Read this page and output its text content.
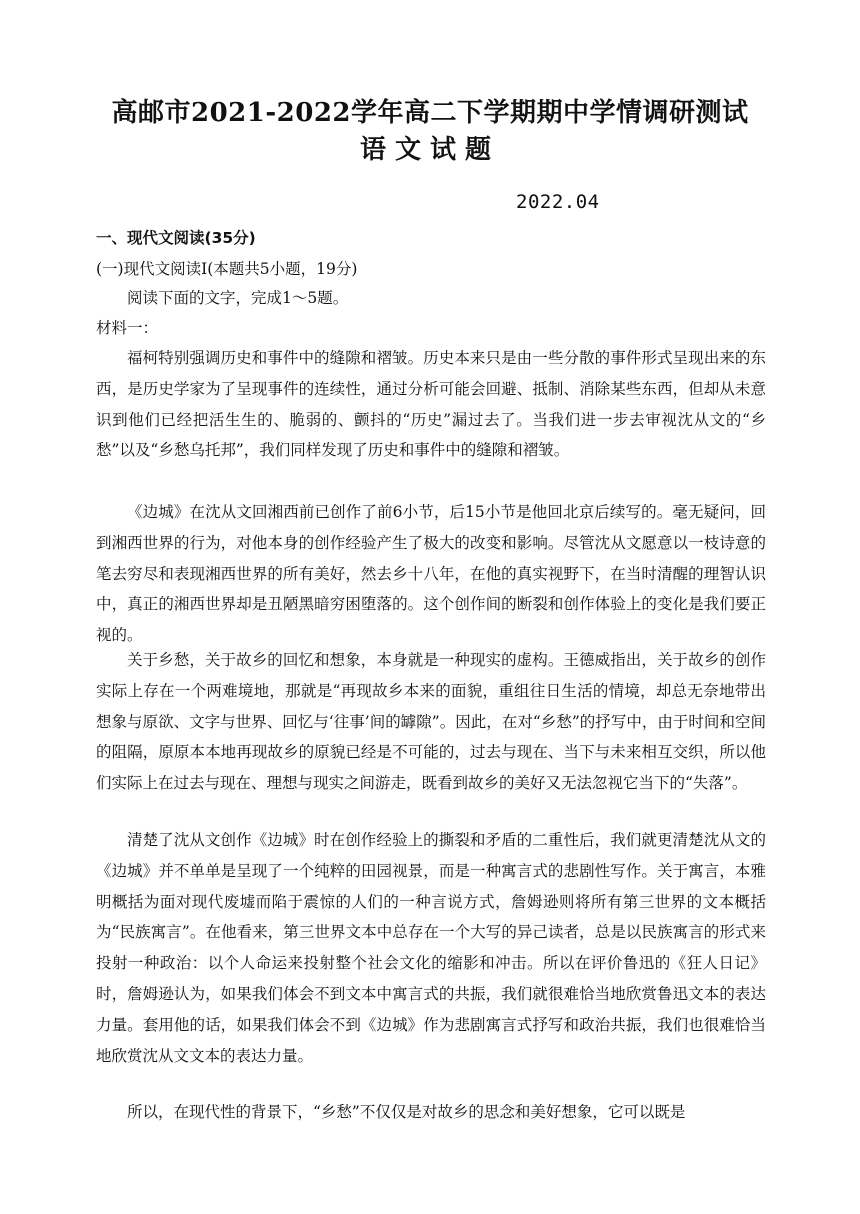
高邮市2021-2022学年高二下学期期中学情调研测试
语文试题
2022.04
一、现代文阅读(35分)
(一)现代文阅读Ⅰ(本题共5小题，19分)
阅读下面的文字，完成1～5题。
材料一：
福柯特别强调历史和事件中的缝隙和褶皱。历史本来只是由一些分散的事件形式呈现出来的东西，是历史学家为了呈现事件的连续性，通过分析可能会回避、抵制、消除某些东西，但却从未意识到他们已经把活生生的、脆弱的、颤抖的“历史”漏过去了。当我们进一步去审视沈从文的“乡愁”以及“乡愁乌托邦”，我们同样发现了历史和事件中的缝隙和褶皱。
《边城》在沈从文回湘西前已创作了前6小节，后15小节是他回北京后续写的。毫无疑问，回到湘西世界的行为，对他本身的创作经验产生了极大的改变和影响。尽管沈从文愿意以一枝诗意的笔去穷尽和表现湘西世界的所有美好，然去乡十八年，在他的真实视野下，在当时清醒的理智认识中，真正的湘西世界却是丑陋黑暗穷困堕落的。这个创作间的断裂和创作体验上的变化是我们要正视的。
关于乡愁，关于故乡的回忆和想象，本身就是一种现实的虚构。王德威指出，关于故乡的创作实际上存在一个两难境地，那就是“再现故乡本来的面貌，重组往日生活的情境，却总无奈地带出想象与原欲、文字与世界、回忆与‘往事’间的罅隙”。因此，在对“乡愁”的抒写中，由于时间和空间的阻隔，原原本本地再现故乡的原貌已经是不可能的，过去与现在、当下与未来相互交织，所以他们实际上在过去与现在、理想与现实之间游走，既看到故乡的美好又无法忽视它当下的“失落”。
清楚了沈从文创作《边城》时在创作经验上的撕裂和矛盾的二重性后，我们就更清楚沈从文的《边城》并不单单是呈现了一个纯粹的田园视景，而是一种寓言式的悲剧性写作。关于寓言，本雅明概括为面对现代废墟而陷于震惊的人们的一种言说方式，詹姆逊则将所有第三世界的文本概括为“民族寓言”。在他看来，第三世界文本中总存在一个大写的异己读者，总是以民族寓言的形式来投射一种政治：以个人命运来投射整个社会文化的缩影和冲击。所以在评价鲁迅的《狂人日记》时，詹姆逊认为，如果我们体会不到文本中寓言式的共振，我们就很难恰当地欣赏鲁迅文本的表达力量。套用他的话，如果我们体会不到《边城》作为悲剧寓言式抒写和政治共振，我们也很难恰当地欣赏沈从文文本的表达力量。
所以，在现代性的背景下，“乡愁”不仅仅是对故乡的思念和美好想象，它可以既是
